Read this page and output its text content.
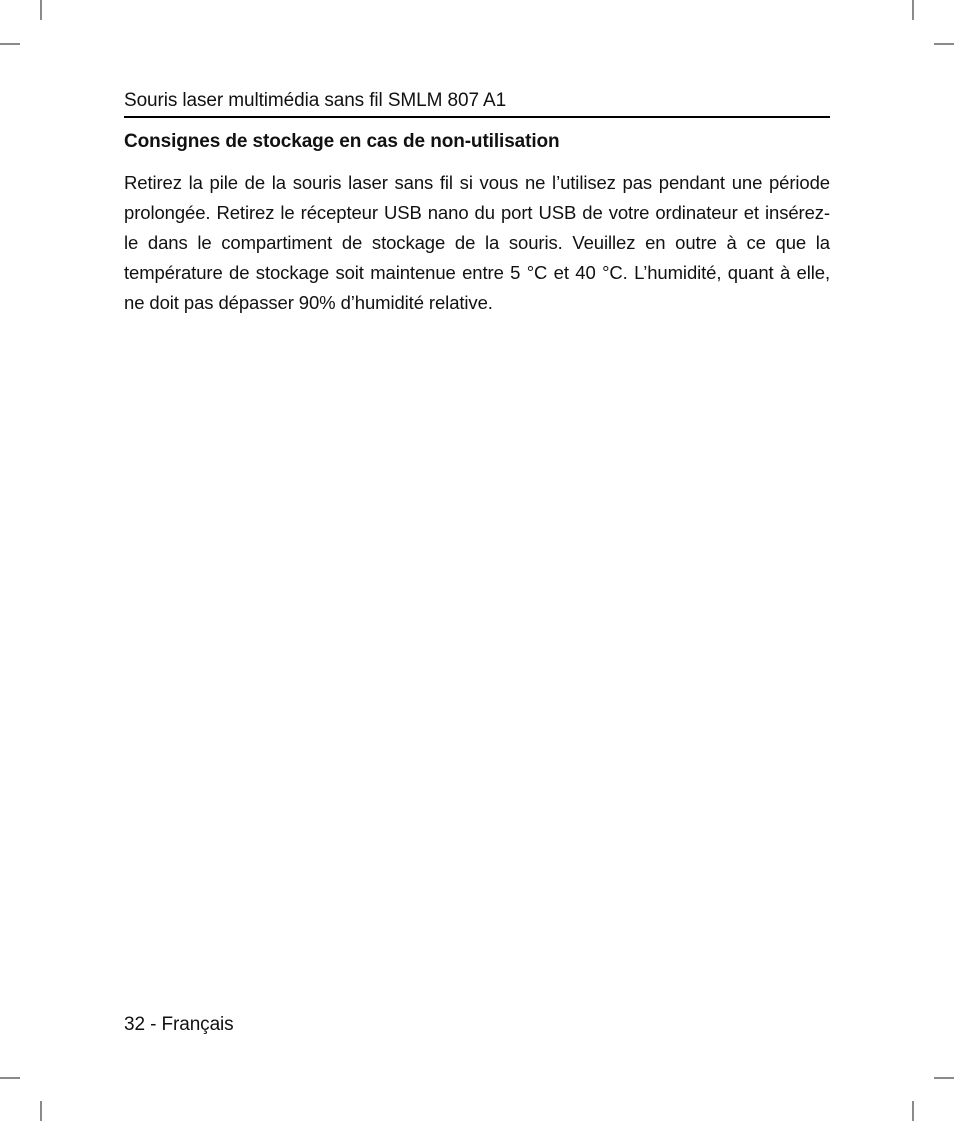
Souris laser multimédia sans fil SMLM 807 A1
Consignes de stockage en cas de non-utilisation

Retirez la pile de la souris laser sans fil si vous ne l’utilisez pas pendant une période prolongée. Retirez le récepteur USB nano du port USB de votre ordinateur et insérez-le dans le compartiment de stockage de la souris. Veuillez en outre à ce que la température de stockage soit maintenue entre 5 °C et 40 °C. L’humidité, quant à elle, ne doit pas dépasser 90% d’humidité relative.

32 - Français
